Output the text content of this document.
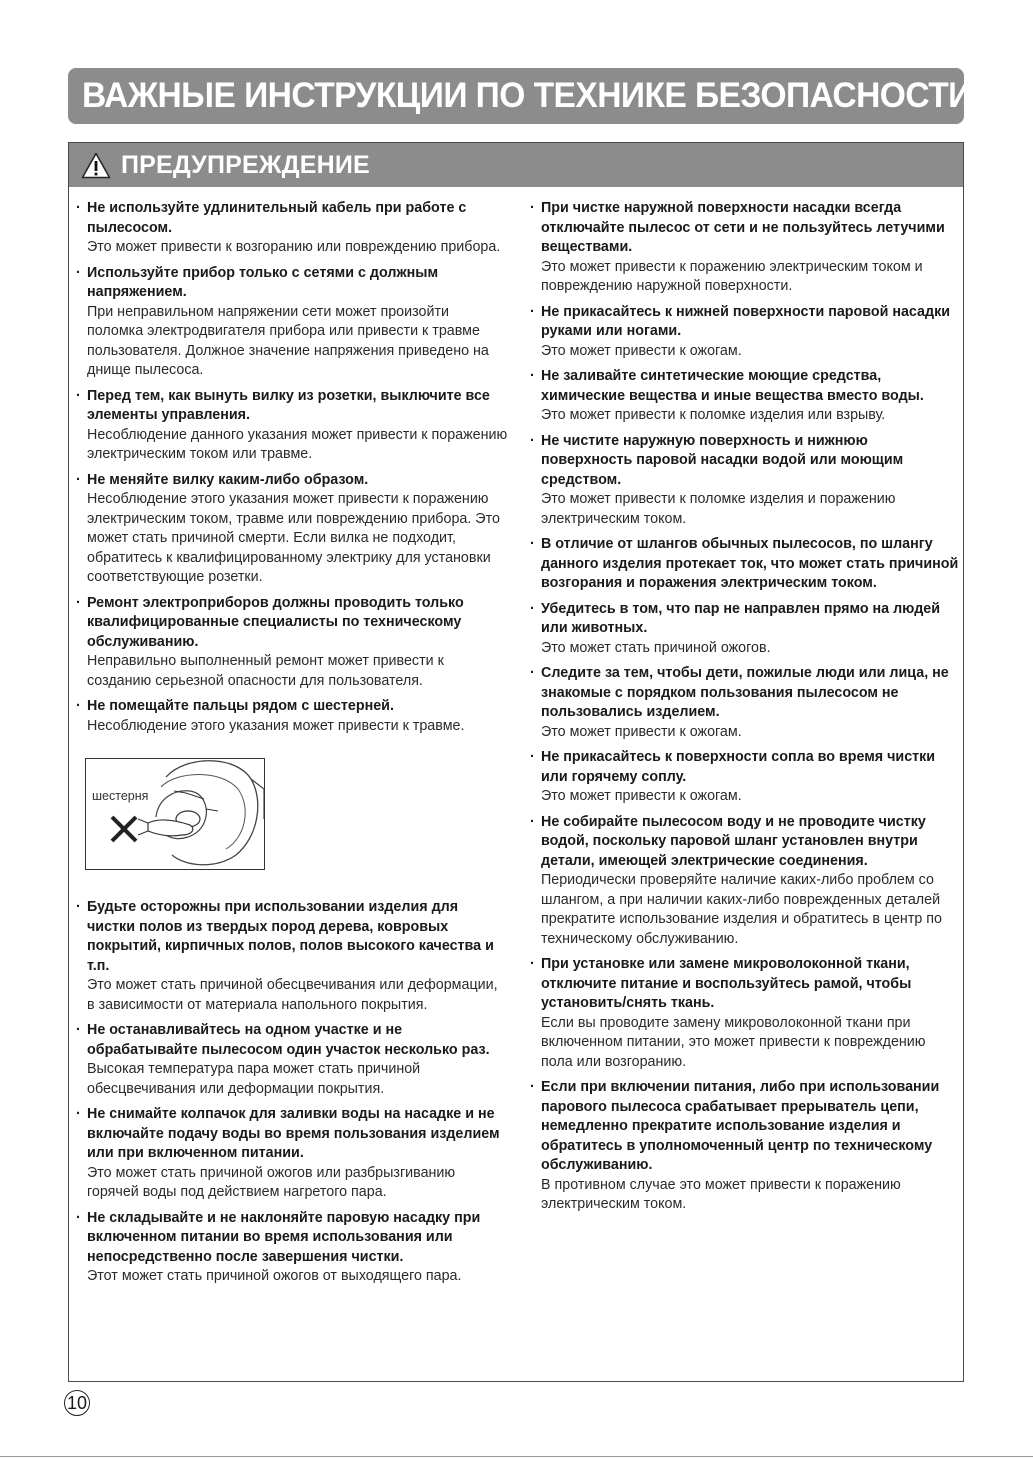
ВАЖНЫЕ ИНСТРУКЦИИ ПО ТЕХНИКЕ БЕЗОПАСНОСТИ
ПРЕДУПРЕЖДЕНИЕ
· Не используйте удлинительный кабель при работе с пылесосом.
Это может привести к возгоранию или повреждению прибора.
· Используйте прибор только с сетями с должным напряжением.
При неправильном напряжении сети может произойти поломка электродвигателя прибора или привести к травме пользователя. Должное значение напряжения приведено на днище пылесоса.
· Перед тем, как вынуть вилку из розетки, выключите все элементы управления.
Несоблюдение данного указания может привести к поражению электрическим током или травме.
· Не меняйте вилку каким-либо образом.
Несоблюдение этого указания может привести к поражению электрическим током, травме или повреждению прибора. Это может стать причиной смерти. Если вилка не подходит, обратитесь к квалифицированному электрику для установки соответствующие розетки.
· Ремонт электроприборов должны проводить только квалифицированные специалисты по техническому обслуживанию.
Неправильно выполненный ремонт может привести к созданию серьезной опасности для пользователя.
· Не помещайте пальцы рядом с шестерней.
Несоблюдение этого указания может привести к травме.
шестерня
· Будьте осторожны при использовании изделия для чистки полов из твердых пород дерева, ковровых покрытий, кирпичных полов, полов высокого качества и т.п.
Это может стать причиной обесцвечивания или деформации, в зависимости от материала напольного покрытия.
· Не останавливайтесь на одном участке и не обрабатывайте пылесосом один участок несколько раз.
Высокая температура пара может стать причиной обесцвечивания или деформации покрытия.
· Не снимайте колпачок для заливки воды на насадке и не включайте подачу воды во время пользования изделием или при включенном питании.
Это может стать причиной ожогов или разбрызгиванию горячей воды под действием нагретого пара.
· Не складывайте и не наклоняйте паровую насадку при включенном питании во время использования или непосредственно после завершения чистки.
Этот может стать причиной ожогов от выходящего пара.
· При чистке наружной поверхности насадки всегда отключайте пылесос от сети и не пользуйтесь летучими веществами.
Это может привести к поражению электрическим током и повреждению наружной поверхности.
· Не прикасайтесь к нижней поверхности паровой насадки руками или ногами.
Это может привести к ожогам.
· Не заливайте синтетические моющие средства, химические вещества и иные вещества вместо воды.
Это может привести к поломке изделия или взрыву.
· Не чистите наружную поверхность и нижнюю поверхность паровой насадки водой или моющим средством.
Это может привести к поломке изделия и поражению электрическим током.
· В отличие от шлангов обычных пылесосов, по шлангу данного изделия протекает ток, что может стать причиной возгорания и поражения электрическим током.
· Убедитесь в том, что пар не направлен прямо на людей или животных.
Это может стать причиной ожогов.
· Следите за тем, чтобы дети, пожилые люди или лица, не знакомые с порядком пользования пылесосом не пользовались изделием.
Это может привести к ожогам.
· Не прикасайтесь к поверхности сопла во время чистки или горячему соплу.
Это может привести к ожогам.
· Не собирайте пылесосом воду и не проводите чистку водой, поскольку паровой шланг установлен внутри детали, имеющей электрические соединения.
Периодически проверяйте наличие каких-либо проблем со шлангом, а при наличии каких-либо поврежденных деталей прекратите использование изделия и обратитесь в центр по техническому обслуживанию.
· При установке или замене микроволоконной ткани, отключите питание и воспользуйтесь рамой, чтобы установить/снять ткань.
Если вы проводите замену микроволоконной ткани при включенном питании, это может привести к повреждению пола или возгоранию.
· Если при включении питания, либо при использовании парового пылесоса срабатывает прерыватель цепи, немедленно прекратите использование изделия и обратитесь в уполномоченный центр по техническому обслуживанию.
В противном случае это может привести к поражению электрическим током.
10
